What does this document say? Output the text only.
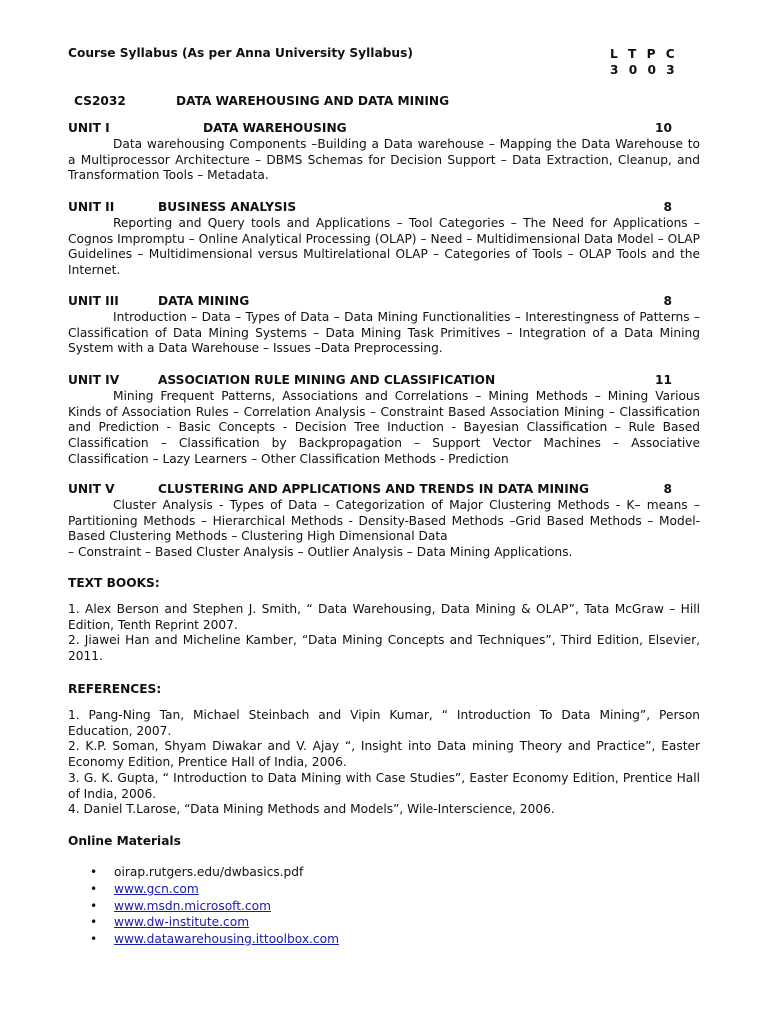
Course Syllabus (As per Anna University Syllabus)	L T P C
3 0 0 3
CS2032	DATA WAREHOUSING AND DATA MINING
UNIT I	DATA WAREHOUSING	10
Data warehousing Components –Building a Data warehouse – Mapping the Data Warehouse to a Multiprocessor Architecture – DBMS Schemas for Decision Support – Data Extraction, Cleanup, and Transformation Tools – Metadata.
UNIT II	BUSINESS ANALYSIS	8
Reporting and Query tools and Applications – Tool Categories – The Need for Applications – Cognos Impromptu – Online Analytical Processing (OLAP) – Need – Multidimensional Data Model – OLAP Guidelines – Multidimensional versus Multirelational OLAP – Categories of Tools – OLAP Tools and the Internet.
UNIT III	DATA MINING	8
Introduction – Data – Types of Data – Data Mining Functionalities – Interestingness of Patterns – Classification of Data Mining Systems – Data Mining Task Primitives – Integration of a Data Mining System with a Data Warehouse – Issues –Data Preprocessing.
UNIT IV	ASSOCIATION RULE MINING AND CLASSIFICATION	11
Mining Frequent Patterns, Associations and Correlations – Mining Methods – Mining Various Kinds of Association Rules – Correlation Analysis – Constraint Based Association Mining – Classification and Prediction - Basic Concepts - Decision Tree Induction - Bayesian Classification – Rule Based Classification – Classification by Backpropagation – Support Vector Machines – Associative Classification – Lazy Learners – Other Classification Methods - Prediction
UNIT V	CLUSTERING AND APPLICATIONS AND TRENDS IN DATA MINING	8
Cluster Analysis - Types of Data – Categorization of Major Clustering Methods - K– means – Partitioning Methods – Hierarchical Methods - Density-Based Methods –Grid Based Methods – Model-Based Clustering Methods – Clustering High Dimensional Data
– Constraint – Based Cluster Analysis – Outlier Analysis – Data Mining Applications.
TEXT BOOKS:

1. Alex Berson and Stephen J. Smith, “ Data Warehousing, Data Mining & OLAP”, Tata McGraw – Hill Edition, Tenth Reprint 2007.

2. Jiawei Han and Micheline Kamber, “Data Mining Concepts and Techniques”, Third Edition, Elsevier, 2011.

REFERENCES:

1. Pang-Ning Tan, Michael Steinbach and Vipin Kumar, “ Introduction To Data Mining”, Person Education, 2007.

2. K.P. Soman, Shyam Diwakar and V. Ajay “, Insight into Data mining Theory and Practice”, Easter Economy Edition, Prentice Hall of India, 2006.

3. G. K. Gupta, “ Introduction to Data Mining with Case Studies”, Easter Economy Edition, Prentice Hall of India, 2006.

4. Daniel T.Larose, “Data Mining Methods and Models”, Wile-Interscience, 2006.

Online Materials
• oirap.rutgers.edu/dwbasics.pdf
• www.gcn.com
• www.msdn.microsoft.com
• www.dw-institute.com
• www.datawarehousing.ittoolbox.com
